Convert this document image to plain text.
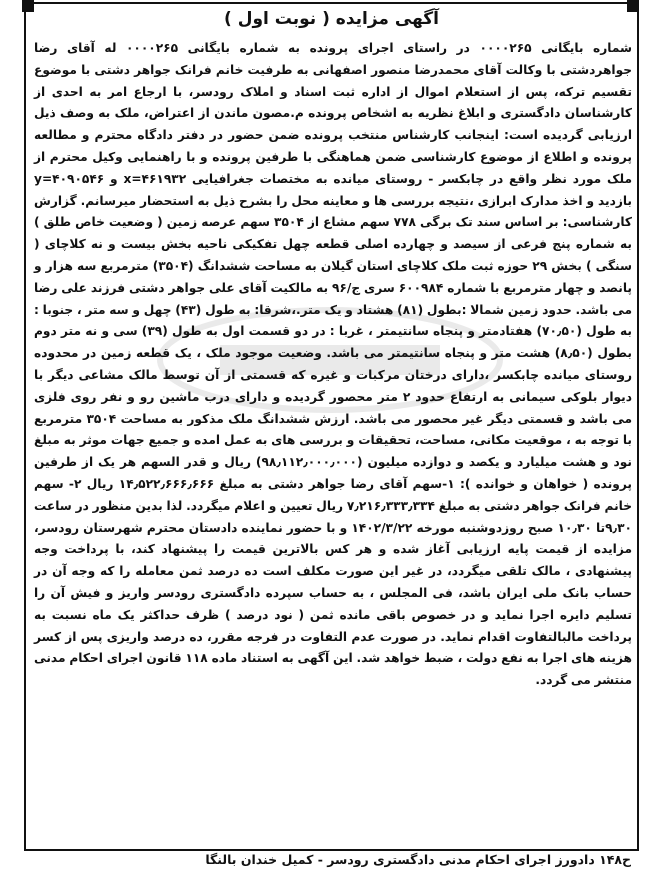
آگهی مزایده ( نوبت اول )

شماره بایگانی ۰۰۰۰۲۶۵ در راستای اجرای پرونده به شماره بایگانی ۰۰۰۰۲۶۵ له آقای رضا جواهردشتی با وکالت آقای محمدرضا منصور اصفهانی به طرفیت خانم فرانک جواهر دشتی با موضوع تقسیم ترکه، پس از استعلام اموال از اداره ثبت اسناد و املاک رودسر، با ارجاع امر به احدی از کارشناسان دادگستری و ابلاغ نظریه به اشخاص پرونده م.مصون ماندن از اعتراض، ملک به وصف ذیل ارزیابی گردیده است: اینجانب کارشناس منتخب پرونده ضمن حضور در دفتر دادگاه محترم و مطالعه پرونده و اطلاع از موضوع کارشناسی ضمن هماهنگی با طرفین پرونده و با راهنمایی وکیل محترم از ملک مورد نظر واقع در چابکسر - روستای میانده به مختصات جغرافیایی x=۴۶۱۹۳۲ و y=۴۰۹۰۵۴۶ بازدید و اخذ مدارک ابرازی ،نتیجه بررسی ها و معاینه محل را بشرح ذیل به استحضار میرسانم. گزارش کارشناسی: بر اساس سند تک برگی ۷۷۸ سهم مشاع از ۳۵۰۴ سهم عرصه زمین ( وضعیت خاص طلق ) به شماره پنج فرعی از سیصد و چهارده اصلی قطعه چهل تفکیکی ناحیه بخش بیست و نه کلاچای ( سنگی ) بخش ۲۹ حوزه ثبت ملک کلاچای استان گیلان به مساحت ششدانگ (۳۵۰۴) مترمربع سه هزار و پانصد و چهار مترمربع با شماره ۶۰۰۹۸۴ سری ج/۹۶ به مالکیت آقای علی جواهر دشتی فرزند علی رضا می باشد. حدود زمین شمالا :بطول (۸۱) هشتاد و یک متر.،شرقا: به طول (۴۳) چهل و سه متر ، جنوبا : به طول (۷۰٫۵۰) هفتادمتر و پنجاه سانتیمتر ، غربا : در دو قسمت اول به طول (۳۹) سی و نه متر دوم بطول (۸٫۵۰) هشت متر و پنجاه سانتیمتر می باشد. وضعیت موجود ملک ، یک قطعه زمین در محدوده روستای میانده چابکسر ،دارای درختان مرکبات و غیره که قسمتی از آن توسط مالک مشاعی دیگر با دیوار بلوکی سیمانی به ارتفاع حدود ۲ متر محصور گردیده و دارای درب ماشین رو و نفر روی فلزی می باشد و قسمتی دیگر غیر محصور می باشد. ارزش ششدانگ ملک مذکور به مساحت ۳۵۰۴ مترمربع با توجه به ، موقعیت مکانی، مساحت، تحقیقات و بررسی های به عمل امده و جمیع جهات موثر به مبلغ نود و هشت میلیارد و یکصد و دوازده میلیون (۹۸٫۱۱۲٫۰۰۰٫۰۰۰) ریال و قدر السهم هر یک از طرفین پرونده ( خواهان و خوانده ): ۱-سهم آقای رضا جواهر دشتی به مبلغ ۱۴٫۵۲۲٫۶۶۶٫۶۶۶ ریال ۲- سهم خانم فرانک جواهر دشتی به مبلغ ۷٫۲۱۶٫۳۳۳٫۳۳۴ ریال تعیین و اعلام میگردد. لذا بدین منظور در ساعت ۹٫۳۰تا ۱۰٫۳۰ صبح روزدوشنبه مورخه ۱۴۰۲/۳/۲۲ و با حضور نماینده دادستان محترم شهرستان رودسر، مزایده از قیمت پایه ارزیابی آغاز شده و هر کس بالاترین قیمت را پیشنهاد کند، با پرداخت وجه پیشنهادی ، مالک تلقی میگردد، در غیر این صورت مکلف است ده درصد ثمن معامله را که وجه آن در حساب بانک ملی ایران باشد، فی المجلس ، به حساب سپرده دادگستری رودسر واریز و فیش آن را تسلیم دایره اجرا نماید و در خصوص باقی مانده ثمن ( نود درصد ) ظرف حداکثر یک ماه نسبت به پرداخت مالبالتفاوت اقدام نماید. در صورت عدم التفاوت در فرجه مقرر، ده درصد واریزی پس از کسر هزینه های اجرا به نفع دولت ، ضبط خواهد شد. این آگهی به استناد ماده ۱۱۸ قانون اجرای احکام مدنی منتشر می گردد.

ح۱۴۸ دادورز اجرای احکام مدنی دادگستری رودسر - کمیل خندان بالنگا
